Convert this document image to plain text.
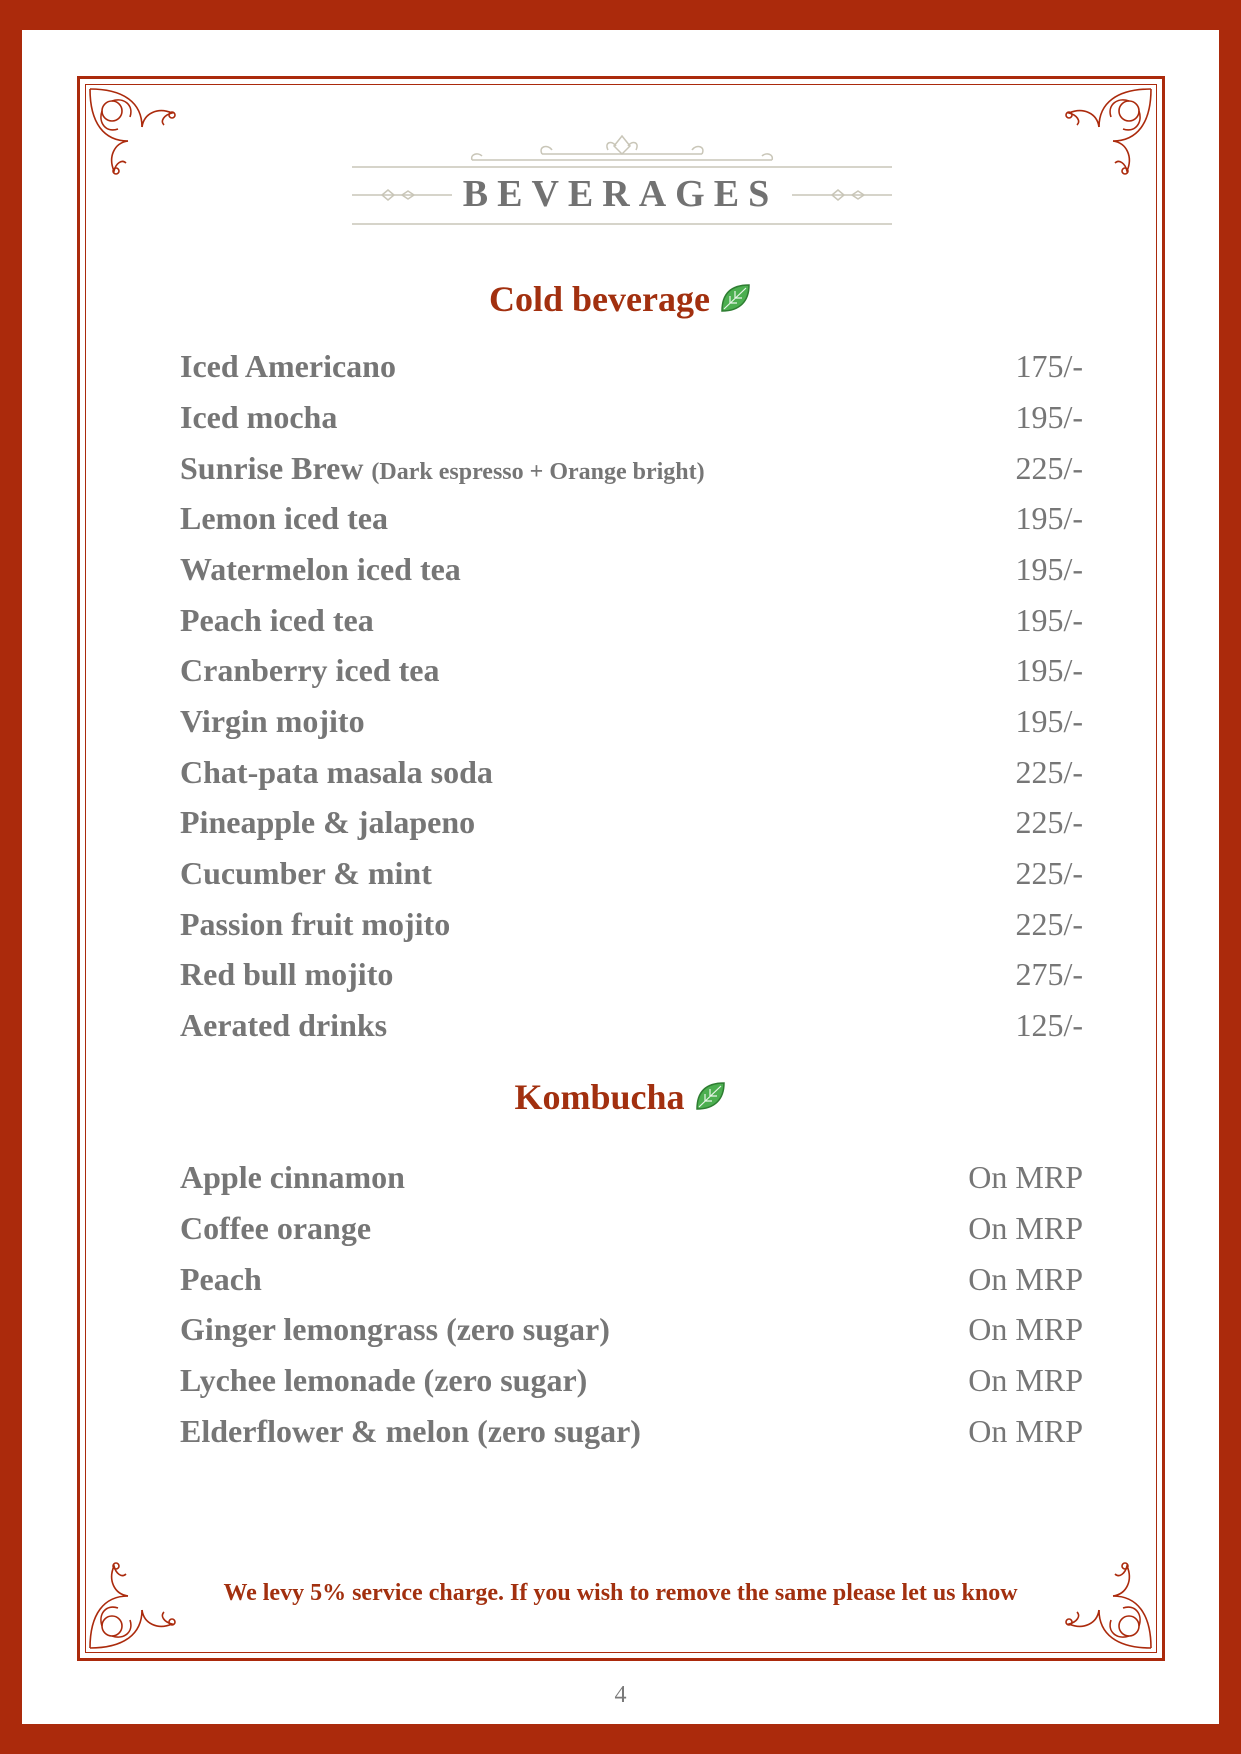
BEVERAGES
Cold beverage
Iced Americano	175/-
Iced mocha	195/-
Sunrise Brew (Dark espresso + Orange bright)	225/-
Lemon iced tea	195/-
Watermelon iced tea	195/-
Peach iced tea	195/-
Cranberry iced tea	195/-
Virgin mojito	195/-
Chat-pata masala soda	225/-
Pineapple & jalapeno	225/-
Cucumber & mint	225/-
Passion fruit mojito	225/-
Red bull mojito	275/-
Aerated drinks	125/-
Kombucha
Apple cinnamon	On MRP
Coffee orange	On MRP
Peach	On MRP
Ginger lemongrass (zero sugar)	On MRP
Lychee lemonade (zero sugar)	On MRP
Elderflower & melon (zero sugar)	On MRP
We levy 5% service charge. If you wish to remove the same please let us know
4
